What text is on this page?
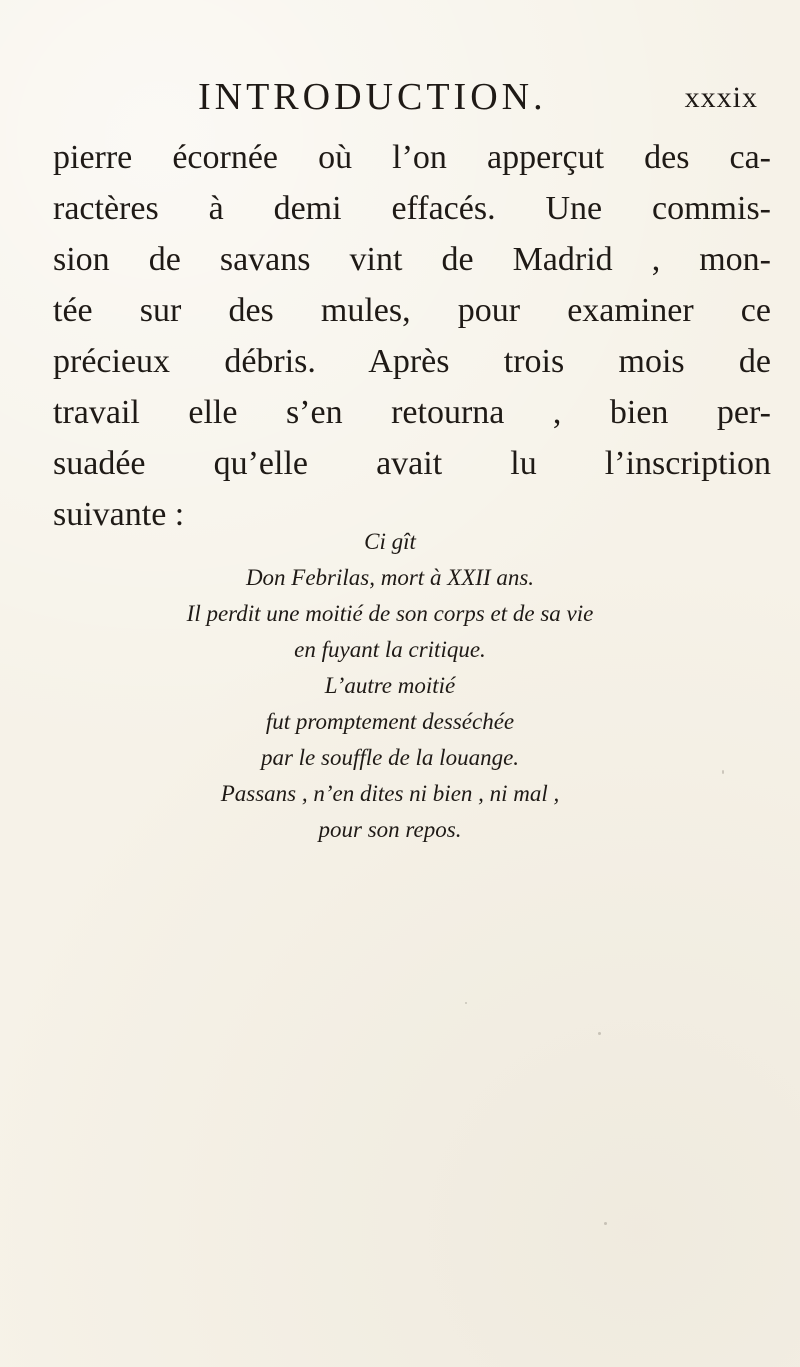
INTRODUCTION.	xxxix
pierre écornée où l’on apperçut des ca-
ractères à demi effacés. Une commis-
sion de savans vint de Madrid , mon-
tée sur des mules, pour examiner ce
précieux débris. Après trois mois de
travail elle s’en retourna , bien per-
suadée qu’elle avait lu l’inscription
suivante :
Ci gît
Don Febrilas, mort à XXII ans.
Il perdit une moitié de son corps et de sa vie
en fuyant la critique.
L’autre moitié
fut promptement desséchée
par le souffle de la louange.
Passans , n’en dites ni bien , ni mal ,
pour son repos.
